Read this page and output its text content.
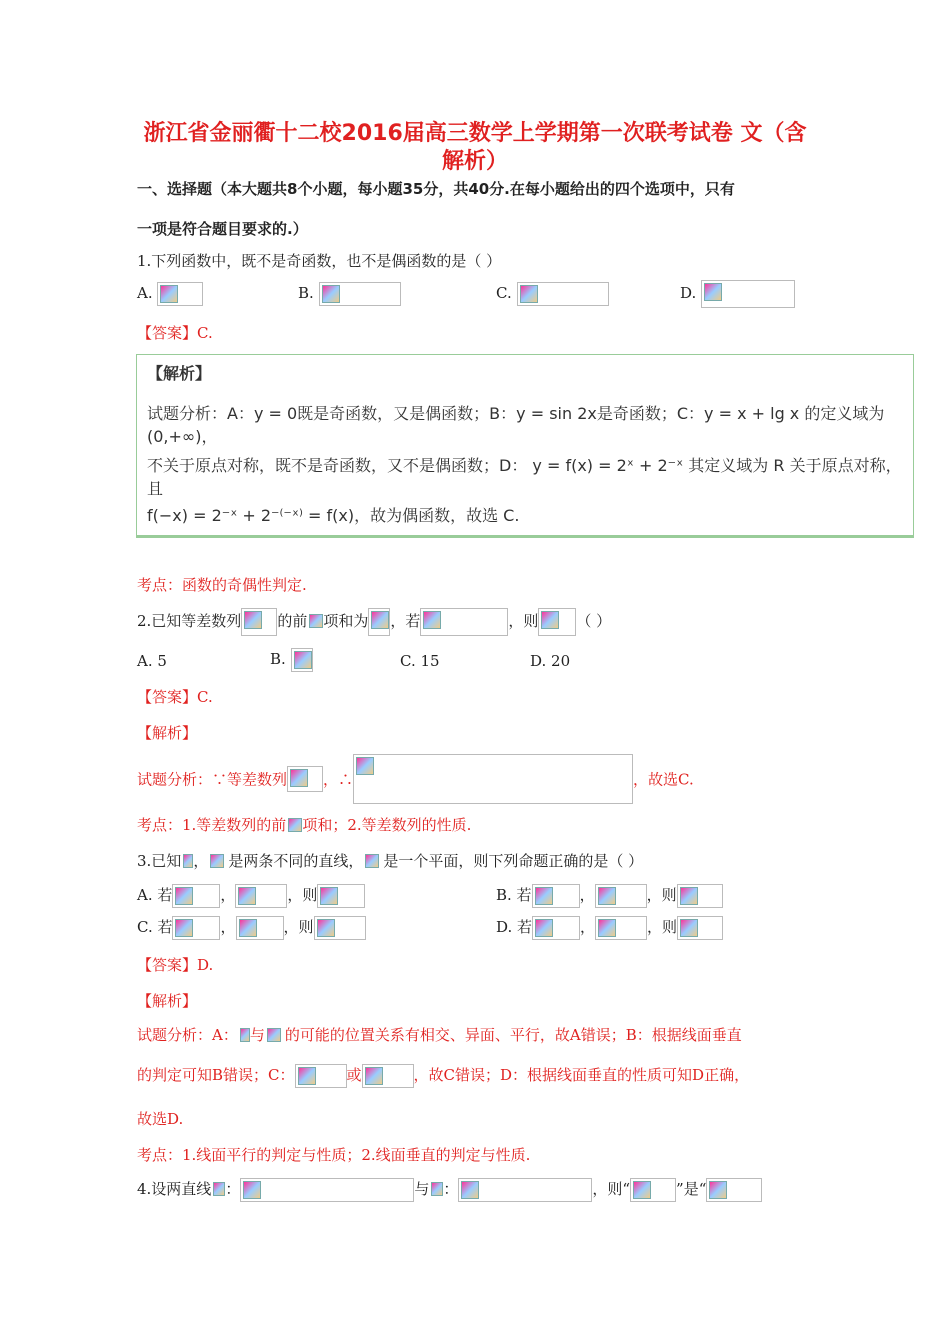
浙江省金丽衢十二校2016届高三数学上学期第一次联考试卷 文（含
解析）
一、选择题（本大题共8个小题，每小题35分，共40分.在每小题给出的四个选项中，只有
一项是符合题目要求的.）
1.下列函数中，既不是奇函数，也不是偶函数的是（ ）
A.	B.	C.	D.
【答案】C.
【解析】
试题分析：A：y = 0既是奇函数，又是偶函数；B：y = sin 2x是奇函数；C：y = x + lg x 的定义域为(0,+∞)，
不关于原点对称，既不是奇函数，又不是偶函数；D： y = f(x) = 2ˣ + 2⁻ˣ 其定义域为 R 关于原点对称，且
f(−x) = 2⁻ˣ + 2⁻⁽⁻ˣ⁾ = f(x)，故为偶函数，故选 C.
考点：函数的奇偶性判定.
2.已知等差数列 的前 项和为 ，若	，则	（ ）
A. 5	B.	C. 15	D. 20
【答案】C.
【解析】
试题分析：∵等差数列 ，∴	，故选C.
考点：1.等差数列的前 项和；2.等差数列的性质.
3.已知 ， 是两条不同的直线， 是一个平面，则下列命题正确的是（ ）
A. 若	，	，则	B. 若	，	，则
C. 若	，	，则	D. 若	，	，则
【答案】D.
【解析】
试题分析：A： 与 的可能的位置关系有相交、异面、平行，故A错误；B：根据线面垂直
的判定可知B错误；C：	或	，故C错误；D：根据线面垂直的性质可知D正确，
故选D.
考点：1.线面平行的判定与性质；2.线面垂直的判定与性质.
4.设两直线 ：	与 ：	，则“	”是“
